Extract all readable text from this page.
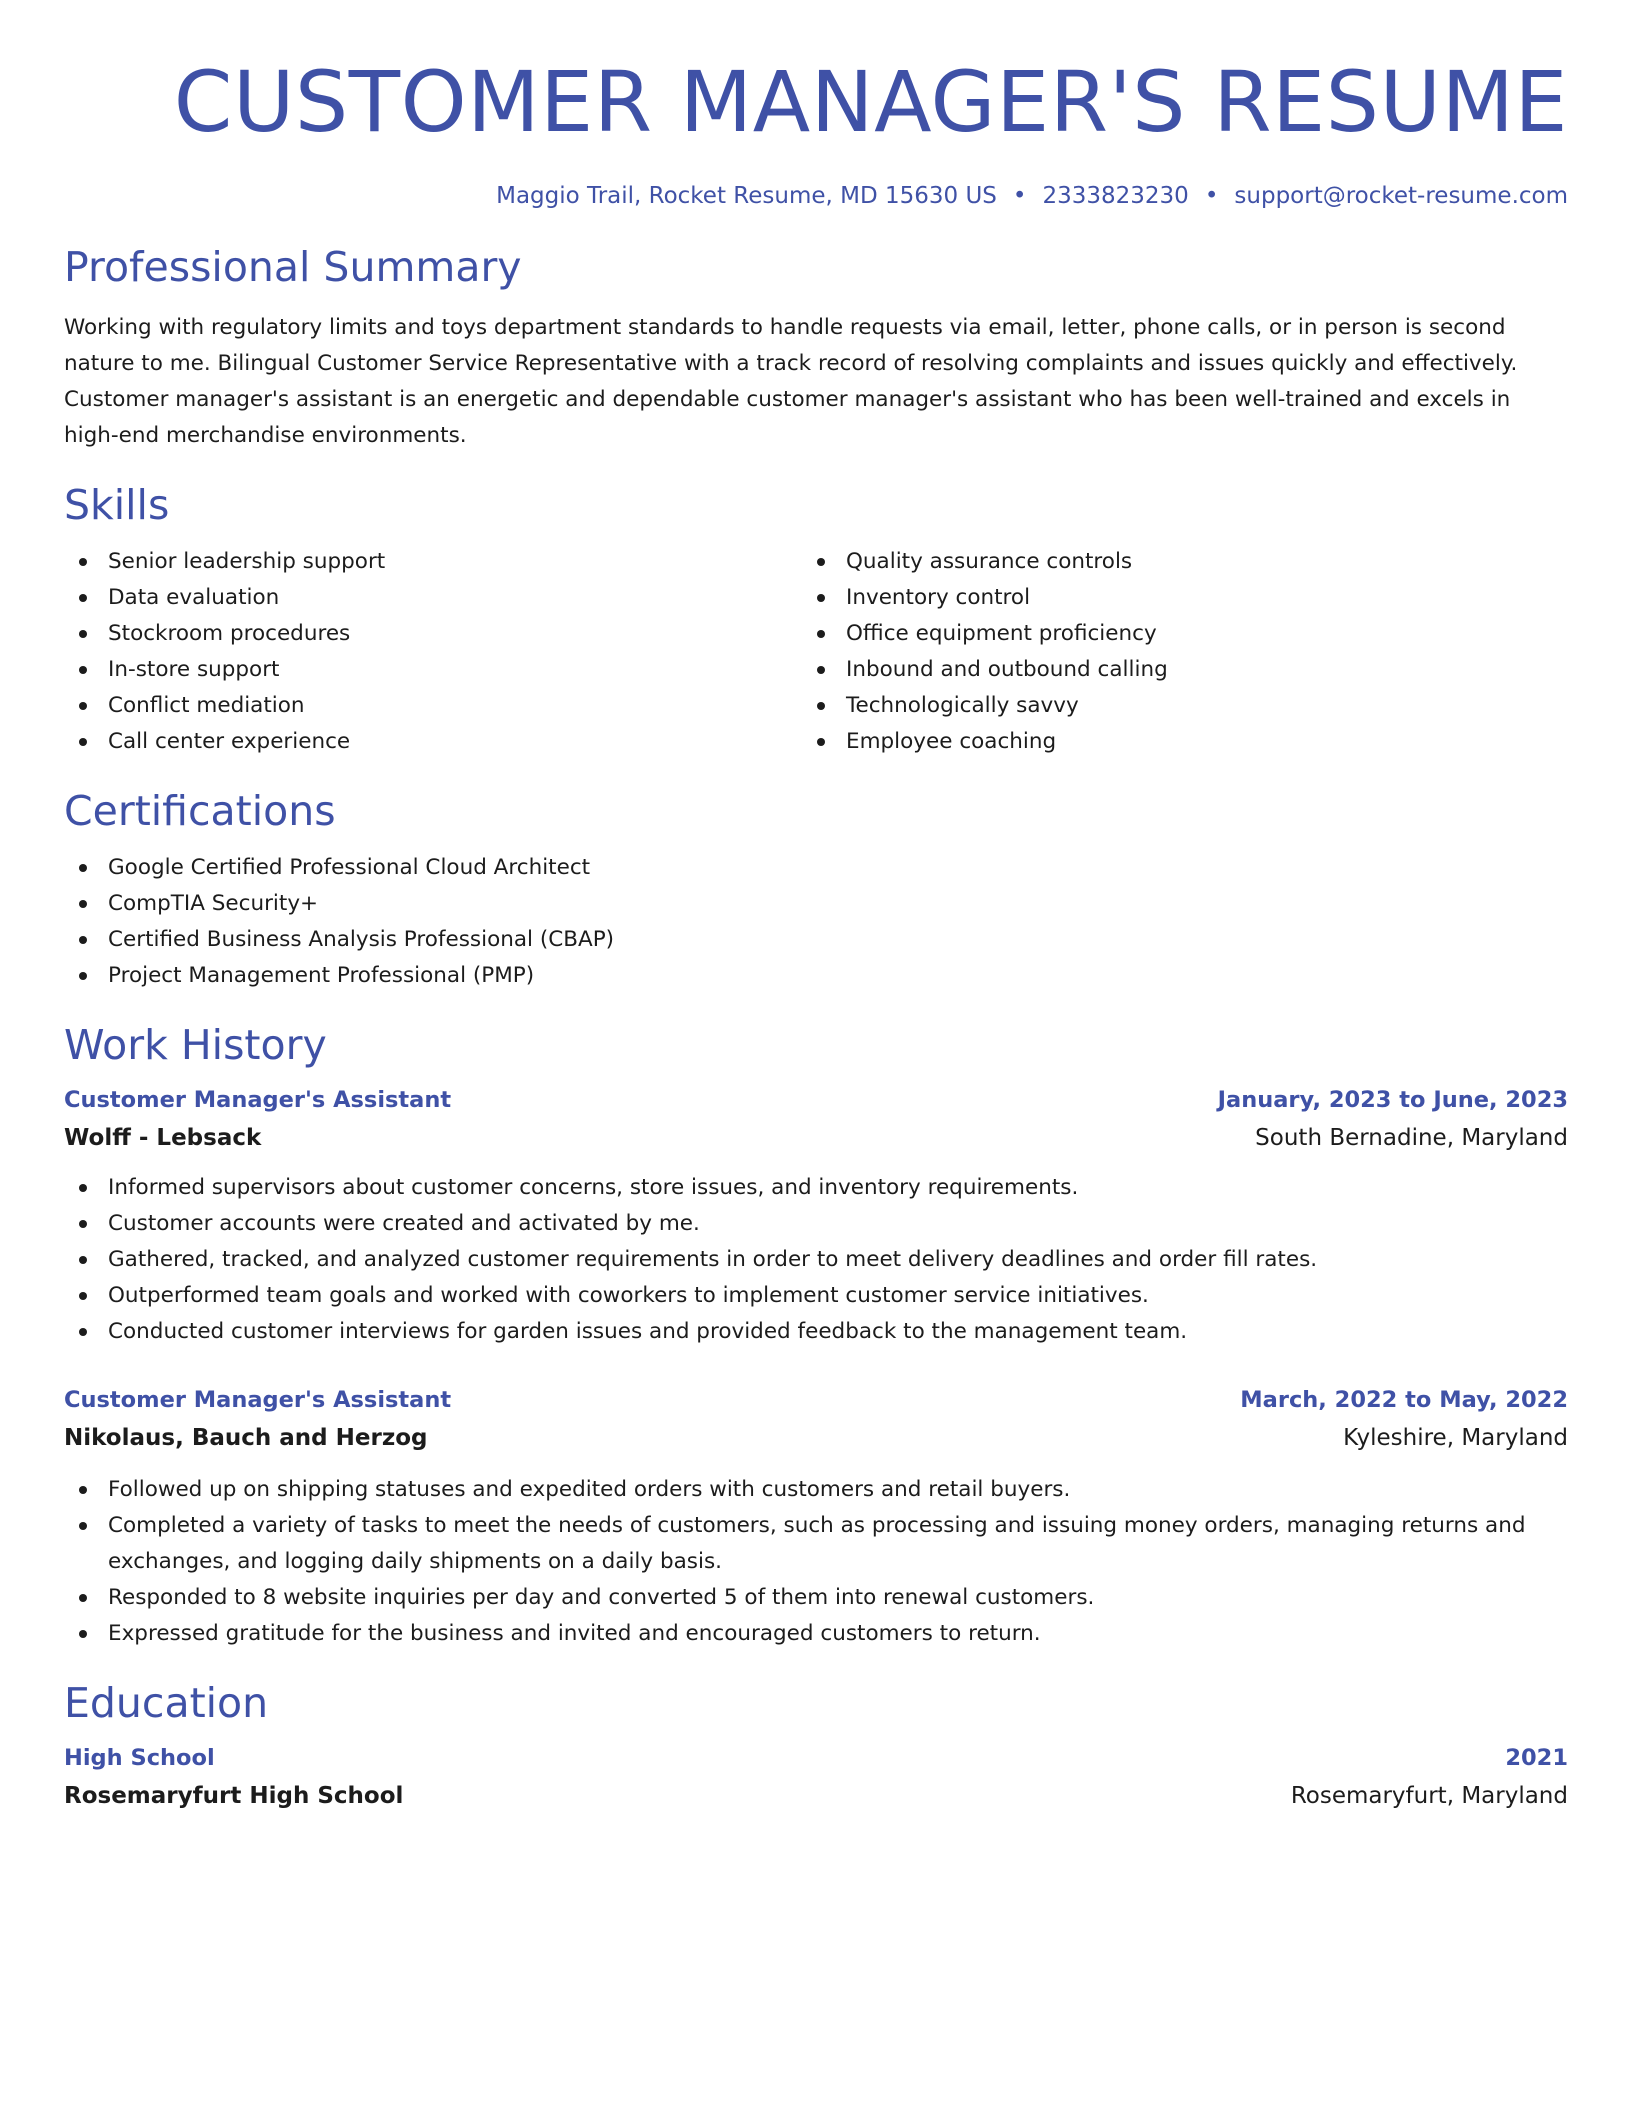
CUSTOMER MANAGER'S RESUME
Maggio Trail, Rocket Resume, MD 15630 US • 2333823230 • support@rocket-resume.com
Professional Summary

Working with regulatory limits and toys department standards to handle requests via email, letter, phone calls, or in person is second nature to me. Bilingual Customer Service Representative with a track record of resolving complaints and issues quickly and effectively. Customer manager's assistant is an energetic and dependable customer manager's assistant who has been well-trained and excels in high-end merchandise environments.

Skills
Senior leadership support
Data evaluation
Stockroom procedures
In-store support
Conflict mediation
Call center experience
Quality assurance controls
Inventory control
Office equipment proficiency
Inbound and outbound calling
Technologically savvy
Employee coaching
Certifications
Google Certified Professional Cloud Architect
CompTIA Security+
Certified Business Analysis Professional (CBAP)
Project Management Professional (PMP)
Work History
Customer Manager's Assistant	January, 2023 to June, 2023
Wolff - Lebsack	South Bernadine, Maryland
Informed supervisors about customer concerns, store issues, and inventory requirements.
Customer accounts were created and activated by me.
Gathered, tracked, and analyzed customer requirements in order to meet delivery deadlines and order fill rates.
Outperformed team goals and worked with coworkers to implement customer service initiatives.
Conducted customer interviews for garden issues and provided feedback to the management team.
Customer Manager's Assistant	March, 2022 to May, 2022
Nikolaus, Bauch and Herzog	Kyleshire, Maryland
Followed up on shipping statuses and expedited orders with customers and retail buyers.
Completed a variety of tasks to meet the needs of customers, such as processing and issuing money orders, managing returns and exchanges, and logging daily shipments on a daily basis.
Responded to 8 website inquiries per day and converted 5 of them into renewal customers.
Expressed gratitude for the business and invited and encouraged customers to return.
Education
High School	2021
Rosemaryfurt High School	Rosemaryfurt, Maryland
